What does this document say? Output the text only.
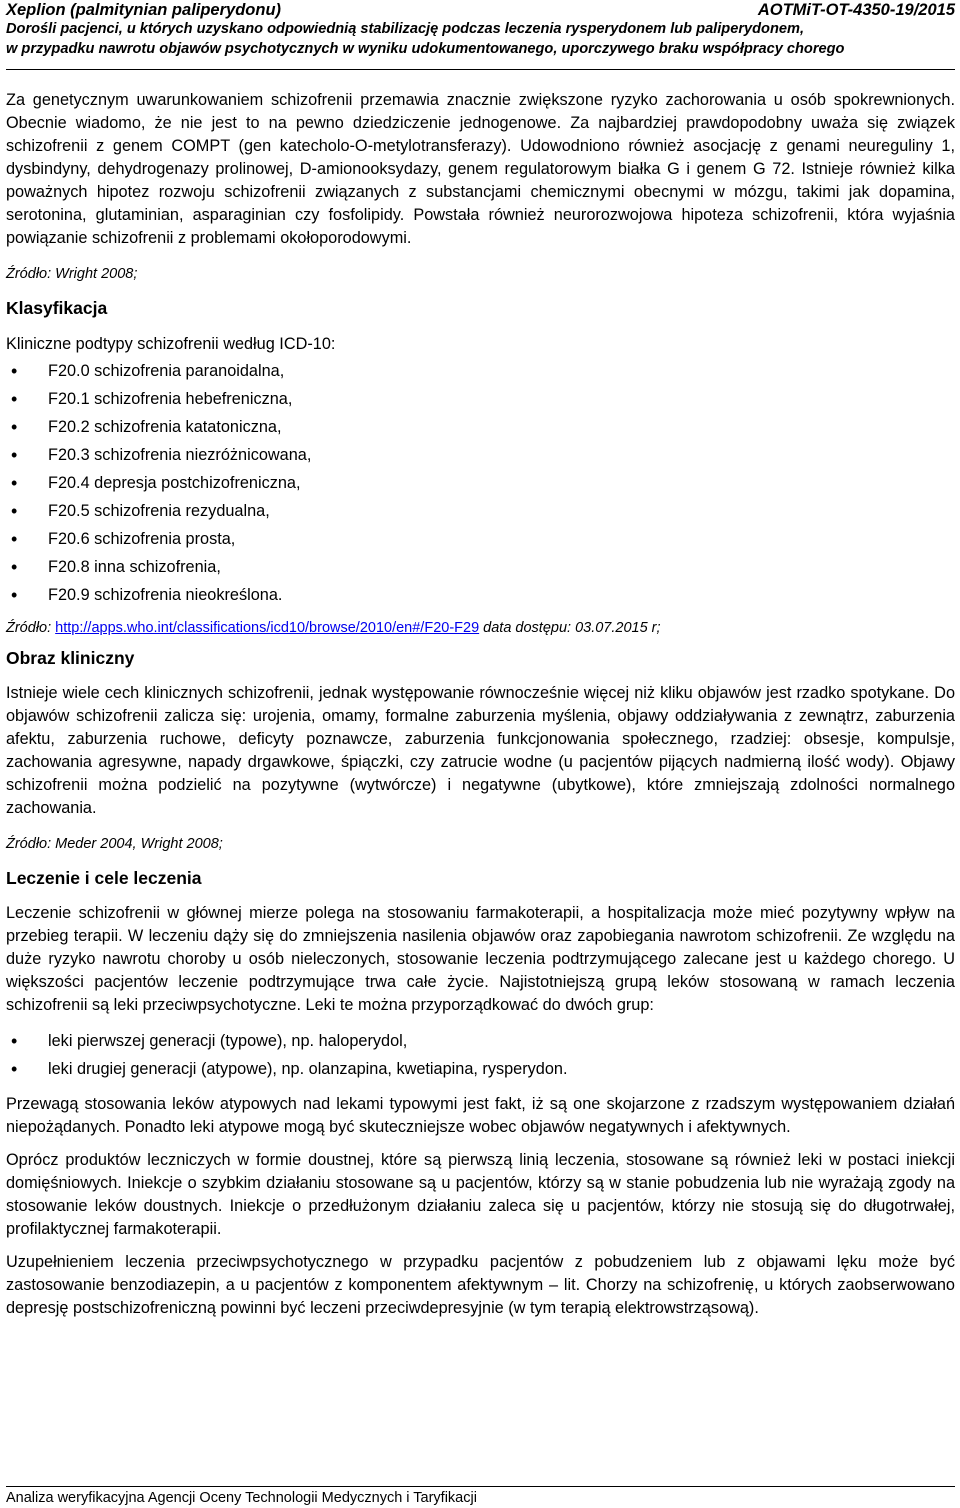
Xeplion (palmitynian paliperydonu)	AOTMiT-OT-4350-19/2015
Dorośli pacjenci, u których uzyskano odpowiednią stabilizację podczas leczenia rysperydonem lub paliperydonem,
w przypadku nawrotu objawów psychotycznych w wyniku udokumentowanego, uporczywego braku współpracy chorego

Za genetycznym uwarunkowaniem schizofrenii przemawia znacznie zwiększone ryzyko zachorowania u osób spokrewnionych. Obecnie wiadomo, że nie jest to na pewno dziedziczenie jednogenowe. Za najbardziej prawdopodobny uważa się związek schizofrenii z genem COMPT (gen katecholo-O-metylotransferazy). Udowodniono również asocjację z genami neureguliny 1, dysbindyny, dehydrogenazy prolinowej, D-amionooksydazy, genem regulatorowym białka G i genem G 72. Istnieje również kilka poważnych hipotez rozwoju schizofrenii związanych z substancjami chemicznymi obecnymi w mózgu, takimi jak dopamina, serotonina, glutaminian, asparaginian czy fosfolipidy. Powstała również neurorozwojowa hipoteza schizofrenii, która wyjaśnia powiązanie schizofrenii z problemami okołoporodowymi.

Źródło: Wright 2008;

Klasyfikacja

Kliniczne podtypy schizofrenii według ICD-10:

• F20.0 schizofrenia paranoidalna,
• F20.1 schizofrenia hebefreniczna,
• F20.2 schizofrenia katatoniczna,
• F20.3 schizofrenia niezróżnicowana,
• F20.4 depresja postchizofreniczna,
• F20.5 schizofrenia rezydualna,
• F20.6 schizofrenia prosta,
• F20.8 inna schizofrenia,
• F20.9 schizofrenia nieokreślona.

Źródło: http://apps.who.int/classifications/icd10/browse/2010/en#/F20-F29 data dostępu: 03.07.2015 r;

Obraz kliniczny

Istnieje wiele cech klinicznych schizofrenii, jednak występowanie równocześnie więcej niż kliku objawów jest rzadko spotykane. Do objawów schizofrenii zalicza się: urojenia, omamy, formalne zaburzenia myślenia, objawy oddziaływania z zewnątrz, zaburzenia afektu, zaburzenia ruchowe, deficyty poznawcze, zaburzenia funkcjonowania społecznego, rzadziej: obsesje, kompulsje, zachowania agresywne, napady drgawkowe, śpiączki, czy zatrucie wodne (u pacjentów pijących nadmierną ilość wody). Objawy schizofrenii można podzielić na pozytywne (wytwórcze) i negatywne (ubytkowe), które zmniejszają zdolności normalnego zachowania.

Źródło: Meder 2004, Wright 2008;

Leczenie i cele leczenia

Leczenie schizofrenii w głównej mierze polega na stosowaniu farmakoterapii, a hospitalizacja może mieć pozytywny wpływ na przebieg terapii. W leczeniu dąży się do zmniejszenia nasilenia objawów oraz zapobiegania nawrotom schizofrenii. Ze względu na duże ryzyko nawrotu choroby u osób nieleczonych, stosowanie leczenia podtrzymującego zalecane jest u każdego chorego. U większości pacjentów leczenie podtrzymujące trwa całe życie. Najistotniejszą grupą leków stosowaną w ramach leczenia schizofrenii są leki przeciwpsychotyczne. Leki te można przyporządkować do dwóch grup:

• leki pierwszej generacji (typowe), np. haloperydol,
• leki drugiej generacji (atypowe), np. olanzapina, kwetiapina, rysperydon.

Przewagą stosowania leków atypowych nad lekami typowymi jest fakt, iż są one skojarzone z rzadszym występowaniem działań niepożądanych. Ponadto leki atypowe mogą być skuteczniejsze wobec objawów negatywnych i afektywnych.

Oprócz produktów leczniczych w formie doustnej, które są pierwszą linią leczenia, stosowane są również leki w postaci iniekcji domięśniowych. Iniekcje o szybkim działaniu stosowane są u pacjentów, którzy są w stanie pobudzenia lub nie wyrażają zgody na stosowanie leków doustnych. Iniekcje o przedłużonym działaniu zaleca się u pacjentów, którzy nie stosują się do długotrwałej, profilaktycznej farmakoterapii.

Uzupełnieniem leczenia przeciwpsychotycznego w przypadku pacjentów z pobudzeniem lub z objawami lęku może być zastosowanie benzodiazepin, a u pacjentów z komponentem afektywnym – lit. Chorzy na schizofrenię, u których zaobserwowano depresję postschizofreniczną powinni być leczeni przeciwdepresyjnie (w tym terapią elektrowstrząsową).

Analiza weryfikacyjna Agencji Oceny Technologii Medycznych i Taryfikacji
